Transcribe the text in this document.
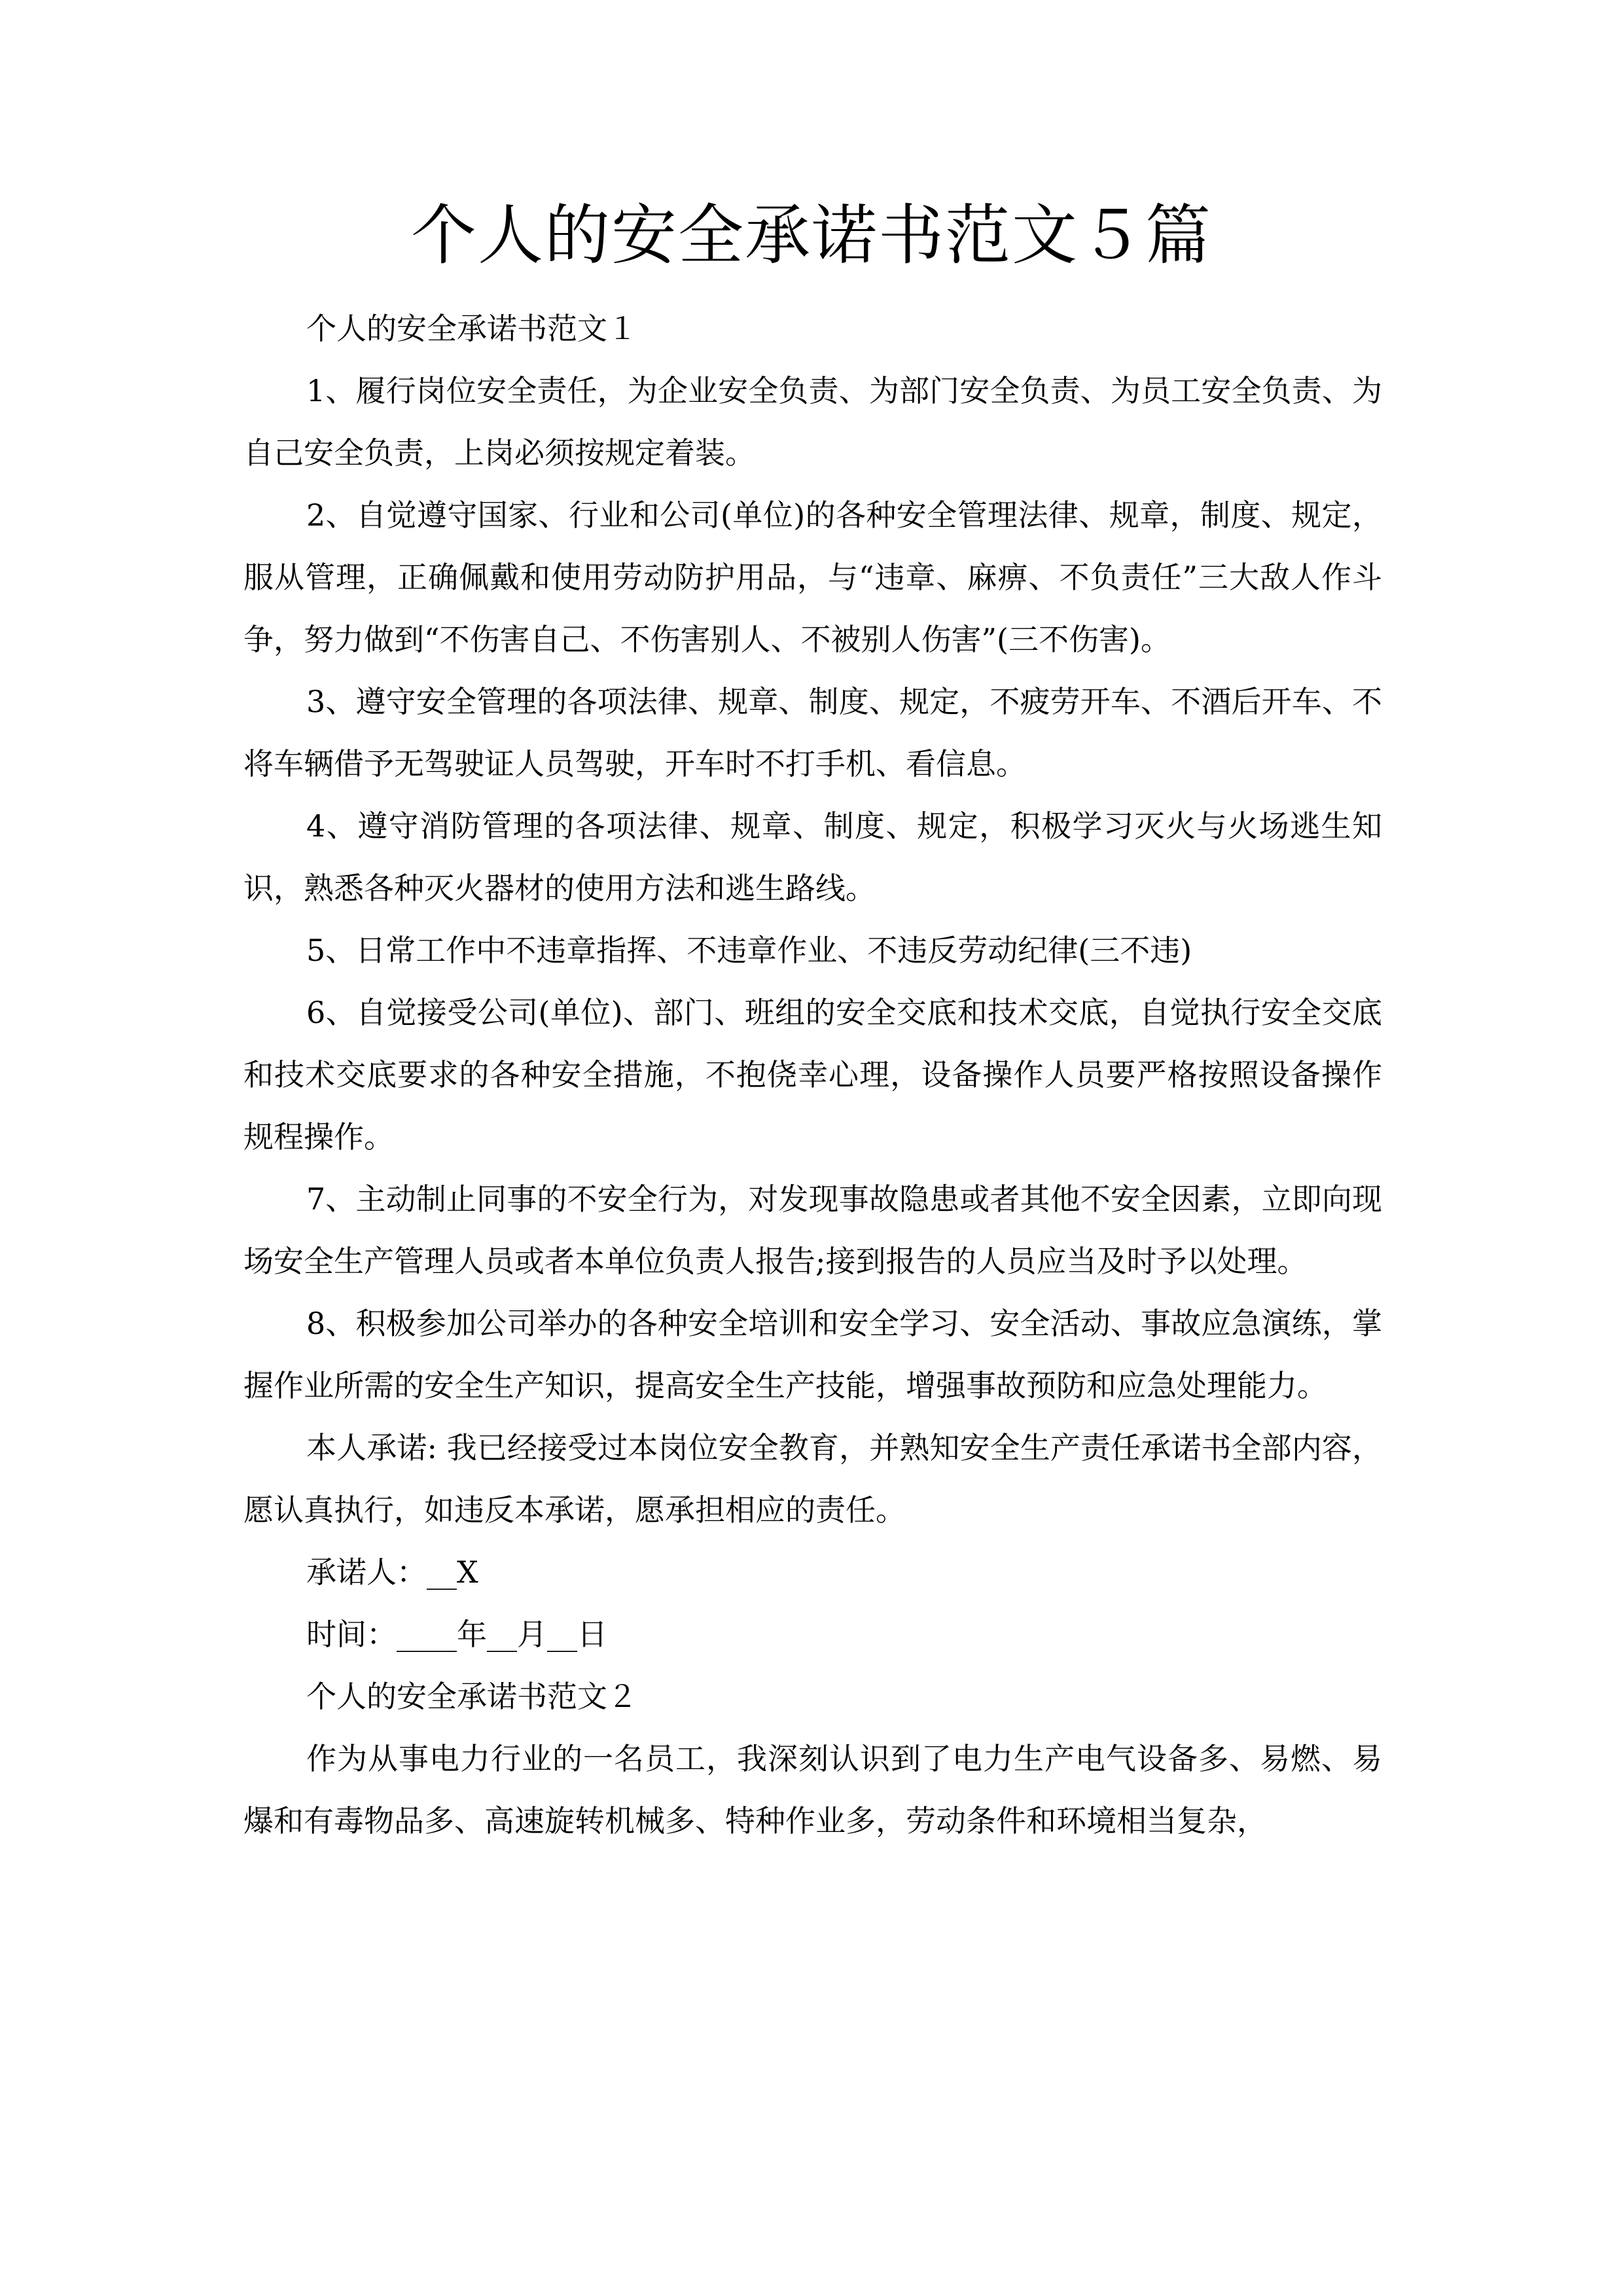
个人的安全承诺书范文５篇

个人的安全承诺书范文１

1、履行岗位安全责任，为企业安全负责、为部门安全负责、为员工安全负责、为自己安全负责，上岗必须按规定着装。

2、自觉遵守国家、行业和公司(单位)的各种安全管理法律、规章，制度、规定，服从管理，正确佩戴和使用劳动防护用品，与“违章、麻痹、不负责任”三大敌人作斗争，努力做到“不伤害自己、不伤害别人、不被别人伤害”(三不伤害)。

3、遵守安全管理的各项法律、规章、制度、规定，不疲劳开车、不酒后开车、不将车辆借予无驾驶证人员驾驶，开车时不打手机、看信息。

4、遵守消防管理的各项法律、规章、制度、规定，积极学习灭火与火场逃生知识，熟悉各种灭火器材的使用方法和逃生路线。

5、日常工作中不违章指挥、不违章作业、不违反劳动纪律(三不违)

6、自觉接受公司(单位)、部门、班组的安全交底和技术交底，自觉执行安全交底和技术交底要求的各种安全措施，不抱侥幸心理，设备操作人员要严格按照设备操作规程操作。

7、主动制止同事的不安全行为，对发现事故隐患或者其他不安全因素，立即向现场安全生产管理人员或者本单位负责人报告;接到报告的人员应当及时予以处理。

8、积极参加公司举办的各种安全培训和安全学习、安全活动、事故应急演练，掌握作业所需的安全生产知识，提高安全生产技能，增强事故预防和应急处理能力。

本人承诺: 我已经接受过本岗位安全教育，并熟知安全生产责任承诺书全部内容，愿认真执行，如违反本承诺，愿承担相应的责任。

承诺人：__X

时间：____年__月__日

个人的安全承诺书范文２

作为从事电力行业的一名员工，我深刻认识到了电力生产电气设备多、易燃、易爆和有毒物品多、高速旋转机械多、特种作业多，劳动条件和环境相当复杂，
